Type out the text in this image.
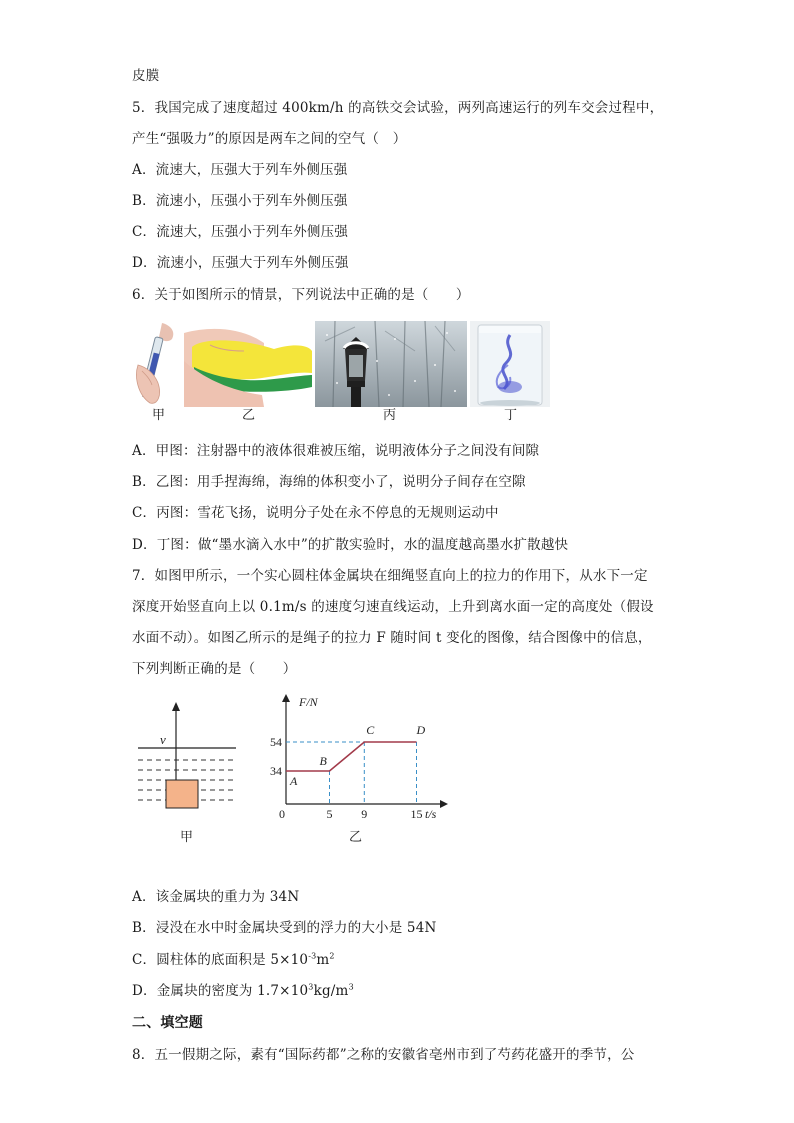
皮膜
5．我国完成了速度超过 400km/h 的高铁交会试验，两列高速运行的列车交会过程中，
产生“强吸力”的原因是两车之间的空气（　）
A．流速大，压强大于列车外侧压强
B．流速小，压强小于列车外侧压强
C．流速大，压强小于列车外侧压强
D．流速小，压强大于列车外侧压强
6．关于如图所示的情景，下列说法中正确的是（　　）
甲	乙	丙	丁
A．甲图：注射器中的液体很难被压缩，说明液体分子之间没有间隙
B．乙图：用手捏海绵，海绵的体积变小了，说明分子间存在空隙
C．丙图：雪花飞扬，说明分子处在永不停息的无规则运动中
D．丁图：做“墨水滴入水中”的扩散实验时，水的温度越高墨水扩散越快
7．如图甲所示，一个实心圆柱体金属块在细绳竖直向上的拉力的作用下，从水下一定
深度开始竖直向上以 0.1m/s 的速度匀速直线运动，上升到离水面一定的高度处（假设
水面不动）。如图乙所示的是绳子的拉力 F 随时间 t 变化的图像，结合图像中的信息，
下列判断正确的是（　　）
v
甲
54
34
5 9	15
A
B
C	D
F/N
t/s
0
乙
A．该金属块的重力为 34N
B．浸没在水中时金属块受到的浮力的大小是 54N
C．圆柱体的底面积是 $5\times 10^{-3}m^2$
D．金属块的密度为 $1.7\times 10^3kg/m^3$
二、填空题
8．五一假期之际，素有“国际药都”之称的安徽省亳州市到了芍药花盛开的季节，公
